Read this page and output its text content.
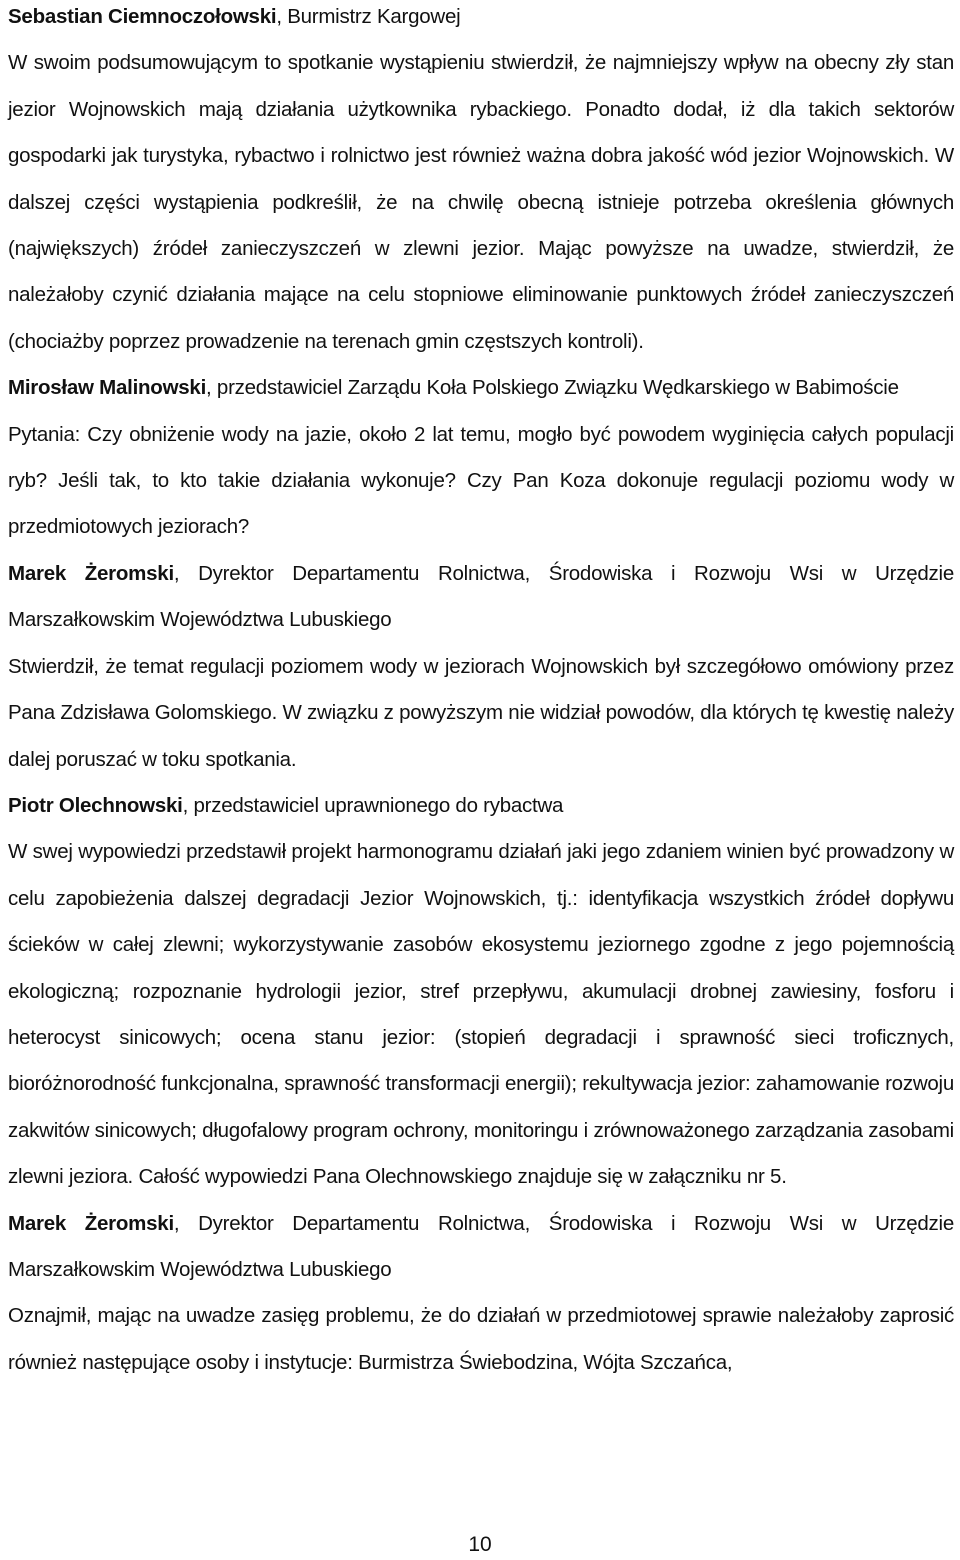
Sebastian Ciemnoczołowski, Burmistrz Kargowej

W swoim podsumowującym to spotkanie wystąpieniu stwierdził, że najmniejszy wpływ na obecny zły stan jezior Wojnowskich mają działania użytkownika rybackiego. Ponadto dodał, iż dla takich sektorów gospodarki jak turystyka, rybactwo i rolnictwo jest również ważna dobra jakość wód jezior Wojnowskich. W dalszej części wystąpienia podkreślił, że na chwilę obecną istnieje potrzeba określenia głównych (największych) źródeł zanieczyszczeń w zlewni jezior. Mając powyższe na uwadze, stwierdził, że należałoby czynić działania mające na celu stopniowe eliminowanie punktowych źródeł zanieczyszczeń (chociażby poprzez prowadzenie na terenach gmin częstszych kontroli).

Mirosław Malinowski, przedstawiciel Zarządu Koła Polskiego Związku Wędkarskiego w Babimoście

Pytania: Czy obniżenie wody na jazie, około 2 lat temu, mogło być powodem wyginięcia całych populacji ryb? Jeśli tak, to kto takie działania wykonuje? Czy Pan Koza dokonuje regulacji poziomu wody w przedmiotowych jeziorach?

Marek Żeromski, Dyrektor Departamentu Rolnictwa, Środowiska i Rozwoju Wsi w Urzędzie Marszałkowskim Województwa Lubuskiego

Stwierdził, że temat regulacji poziomem wody w jeziorach Wojnowskich był szczegółowo omówiony przez Pana Zdzisława Golomskiego. W związku z powyższym nie widział powodów, dla których tę kwestię należy dalej poruszać w toku spotkania.

Piotr Olechnowski, przedstawiciel uprawnionego do rybactwa

W swej wypowiedzi przedstawił projekt harmonogramu działań jaki jego zdaniem winien być prowadzony w celu zapobieżenia dalszej degradacji Jezior Wojnowskich, tj.: identyfikacja wszystkich źródeł dopływu ścieków w całej zlewni; wykorzystywanie zasobów ekosystemu jeziornego zgodne z jego pojemnością ekologiczną; rozpoznanie hydrologii jezior, stref przepływu, akumulacji drobnej zawiesiny, fosforu i heterocyst sinicowych; ocena stanu jezior: (stopień degradacji i sprawność sieci troficznych, bioróżnorodność funkcjonalna, sprawność transformacji energii); rekultywacja jezior: zahamowanie rozwoju zakwitów sinicowych; długofalowy program ochrony, monitoringu i zrównoważonego zarządzania zasobami zlewni jeziora. Całość wypowiedzi Pana Olechnowskiego znajduje się w załączniku nr 5.

Marek Żeromski, Dyrektor Departamentu Rolnictwa, Środowiska i Rozwoju Wsi w Urzędzie Marszałkowskim Województwa Lubuskiego

Oznajmił, mając na uwadze zasięg problemu, że do działań w przedmiotowej sprawie należałoby zaprosić również następujące osoby i instytucje: Burmistrza Świebodzina, Wójta Szczańca,

10
